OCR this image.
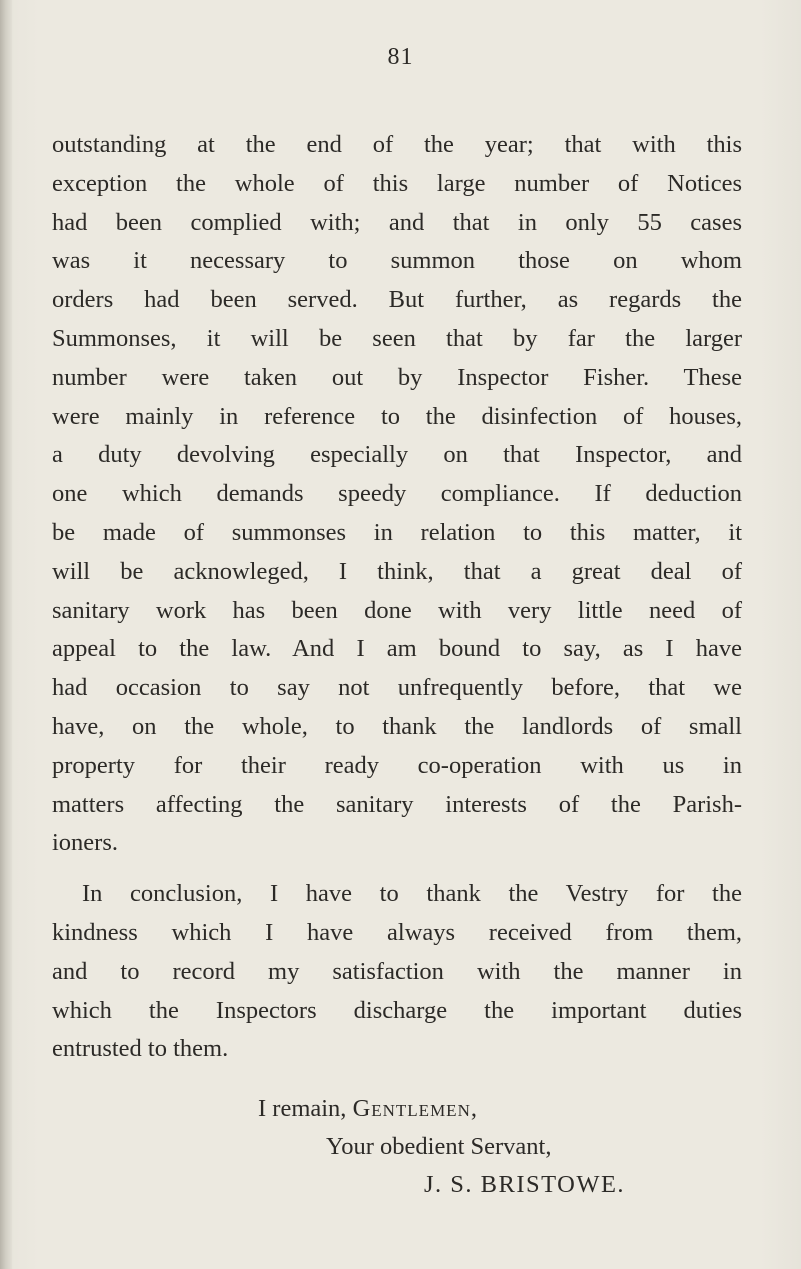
81
outstanding at the end of the year; that with this
exception the whole of this large number of Notices
had been complied with; and that in only 55 cases
was it necessary to summon those on whom
orders had been served. But further, as regards the
Summonses, it will be seen that by far the larger
number were taken out by Inspector Fisher. These
were mainly in reference to the disinfection of houses,
a duty devolving especially on that Inspector, and
one which demands speedy compliance. If deduction
be made of summonses in relation to this matter, it
will be acknowleged, I think, that a great deal of
sanitary work has been done with very little need of
appeal to the law. And I am bound to say, as I have
had occasion to say not unfrequently before, that we
have, on the whole, to thank the landlords of small
property for their ready co-operation with us in
matters affecting the sanitary interests of the Parish-
ioners.
In conclusion, I have to thank the Vestry for the
kindness which I have always received from them,
and to record my satisfaction with the manner in
which the Inspectors discharge the important duties
entrusted to them.
I remain, Gentlemen,
Your obedient Servant,
J. S. BRISTOWE.
